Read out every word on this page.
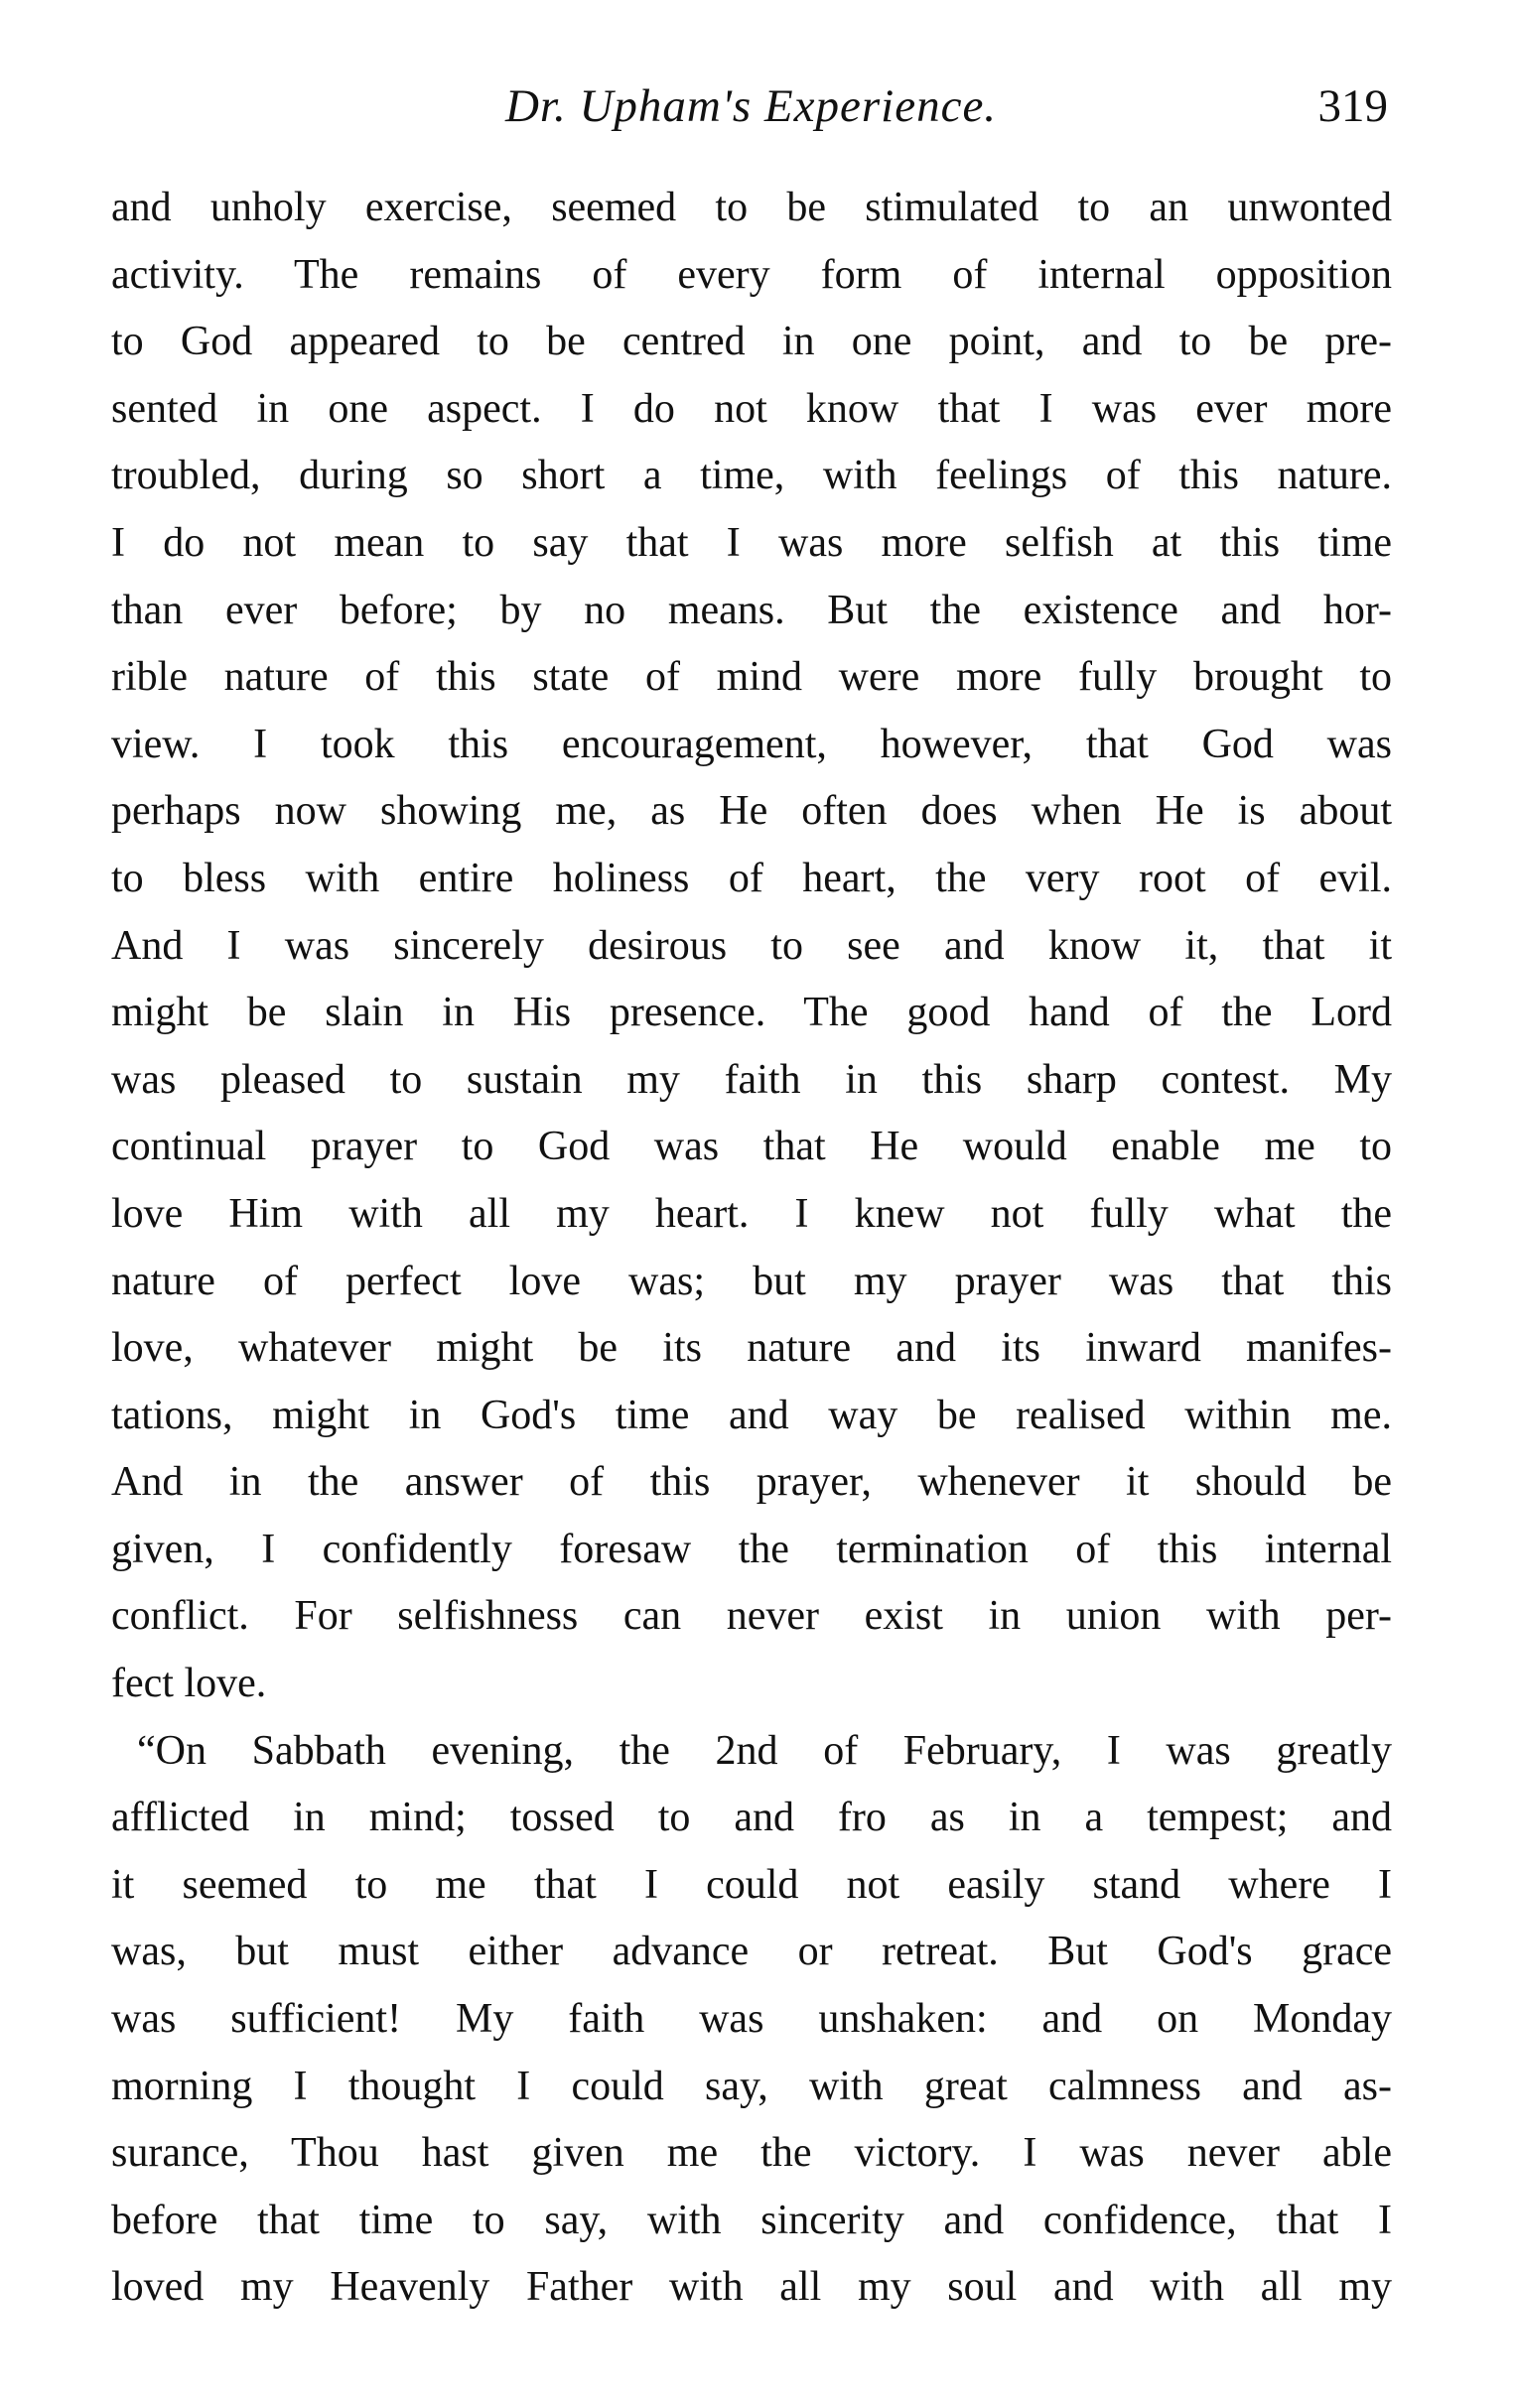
Dr. Upham's Experience.	319
and unholy exercise, seemed to be stimulated to an unwonted
activity. The remains of every form of internal opposition
to God appeared to be centred in one point, and to be pre-
sented in one aspect. I do not know that I was ever more
troubled, during so short a time, with feelings of this nature.
I do not mean to say that I was more selfish at this time
than ever before; by no means. But the existence and hor-
rible nature of this state of mind were more fully brought to
view. I took this encouragement, however, that God was
perhaps now showing me, as He often does when He is about
to bless with entire holiness of heart, the very root of evil.
And I was sincerely desirous to see and know it, that it
might be slain in His presence. The good hand of the Lord
was pleased to sustain my faith in this sharp contest. My
continual prayer to God was that He would enable me to
love Him with all my heart. I knew not fully what the
nature of perfect love was; but my prayer was that this
love, whatever might be its nature and its inward manifes-
tations, might in God's time and way be realised within me.
And in the answer of this prayer, whenever it should be
given, I confidently foresaw the termination of this internal
conflict. For selfishness can never exist in union with per-
fect love.
“On Sabbath evening, the 2nd of February, I was greatly
afflicted in mind; tossed to and fro as in a tempest; and
it seemed to me that I could not easily stand where I
was, but must either advance or retreat. But God's grace
was sufficient! My faith was unshaken: and on Monday
morning I thought I could say, with great calmness and as-
surance, Thou hast given me the victory. I was never able
before that time to say, with sincerity and confidence, that I
loved my Heavenly Father with all my soul and with all my
